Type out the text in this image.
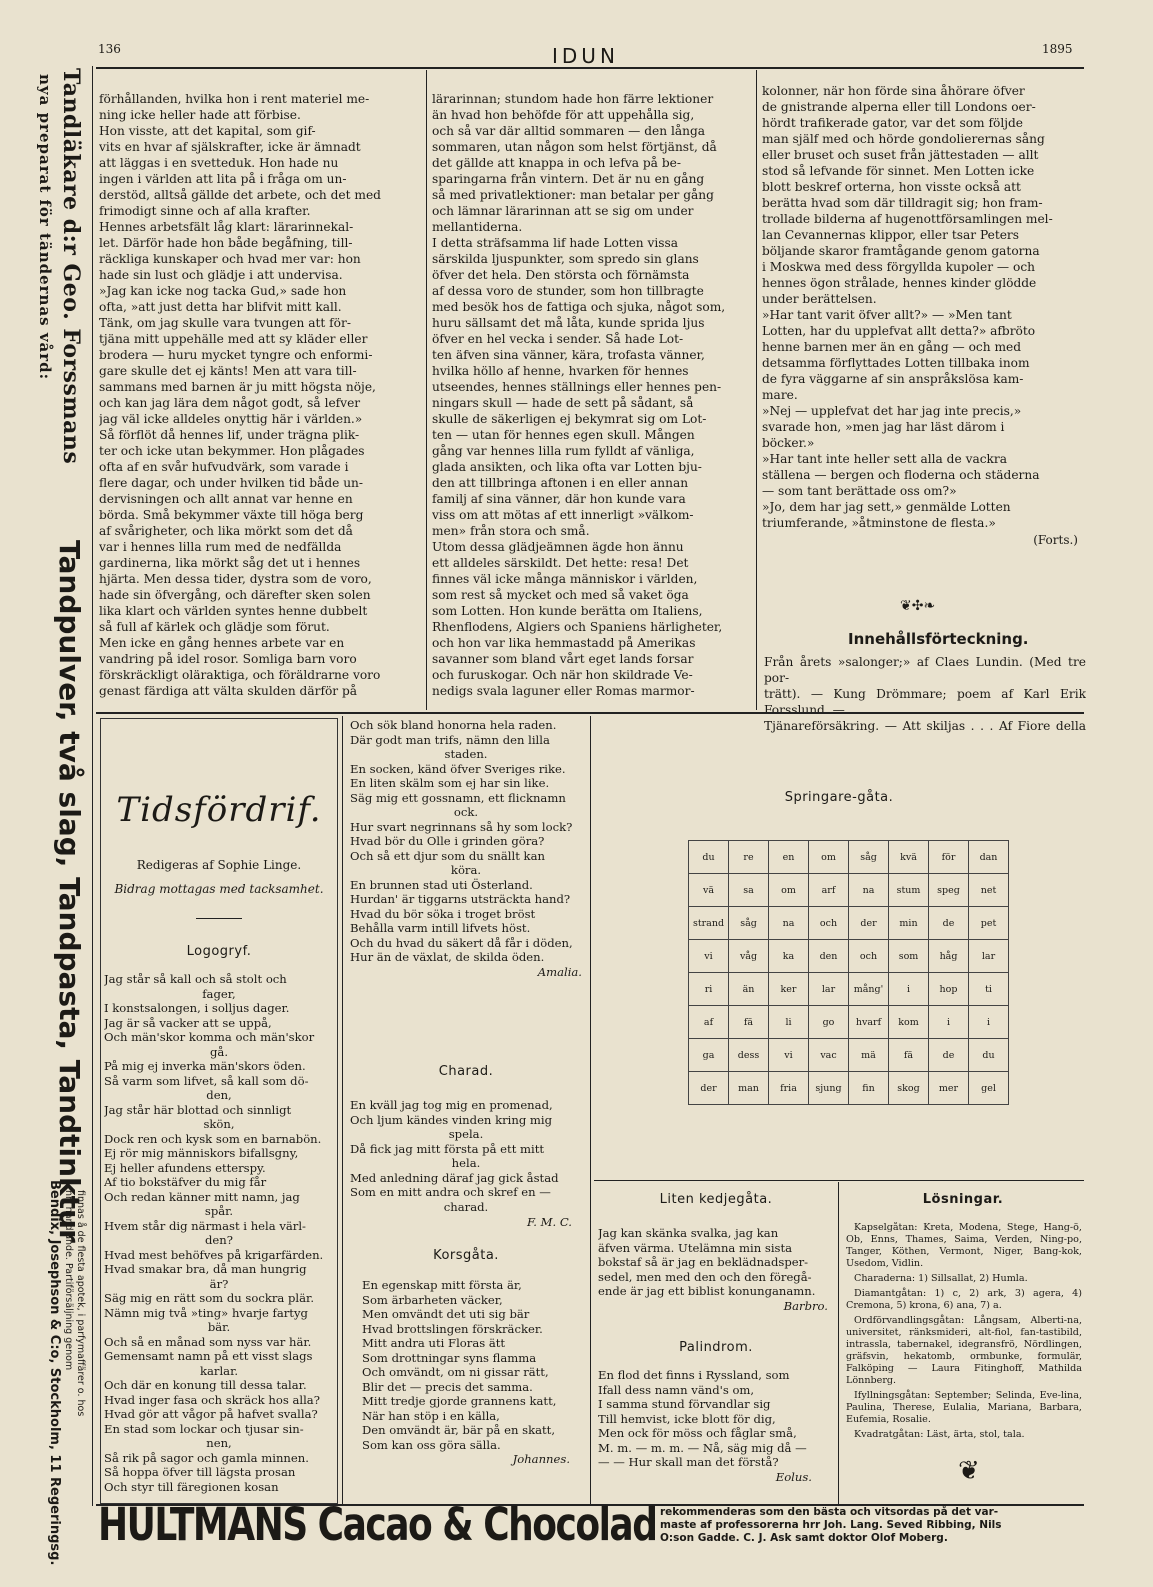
136	IDUN	1895
Tandläkare d:r Geo. Forssmans
nya preparat för tändernas vård:
Tandpulver, två slag, Tandpasta, Tandtinktur
finnas å de flesta apotek, i parfymaffärer o. hos
hrr handlande. Partiförsäljning genom
Bendix, Josephson & C:o, Stockholm, 11 Regeringsg.
förhållanden, hvilka hon i rent materiel me-
ning icke heller hade att förbise.
Hon visste, att det kapital, som gif-
vits en hvar af själskrafter, icke är ämnadt
att läggas i en svetteduk. Hon hade nu
ingen i världen att lita på i fråga om un-
derstöd, alltså gällde det arbete, och det med
frimodigt sinne och af alla krafter.
Hennes arbetsfält låg klart: lärarinnekal-
let. Därför hade hon både begåfning, till-
räckliga kunskaper och hvad mer var: hon
hade sin lust och glädje i att undervisa.
»Jag kan icke nog tacka Gud,» sade hon
ofta, »att just detta har blifvit mitt kall.
Tänk, om jag skulle vara tvungen att för-
tjäna mitt uppehälle med att sy kläder eller
brodera — huru mycket tyngre och enformi-
gare skulle det ej känts! Men att vara till-
sammans med barnen är ju mitt högsta nöje,
och kan jag lära dem något godt, så lefver
jag väl icke alldeles onyttig här i världen.»
Så förflöt då hennes lif, under trägna plik-
ter och icke utan bekymmer. Hon plågades
ofta af en svår hufvudvärk, som varade i
flere dagar, och under hvilken tid både un-
dervisningen och allt annat var henne en
börda. Små bekymmer växte till höga berg
af svårigheter, och lika mörkt som det då
var i hennes lilla rum med de nedfällda
gardinerna, lika mörkt såg det ut i hennes
hjärta. Men dessa tider, dystra som de voro,
hade sin öfvergång, och därefter sken solen
lika klart och världen syntes henne dubbelt
så full af kärlek och glädje som förut.
Men icke en gång hennes arbete var en
vandring på idel rosor. Somliga barn voro
förskräckligt oläraktiga, och föräldrarne voro
genast färdiga att välta skulden därför på
lärarinnan; stundom hade hon färre lektioner
än hvad hon behöfde för att uppehålla sig,
och så var där alltid sommaren — den långa
sommaren, utan någon som helst förtjänst, då
det gällde att knappa in och lefva på be-
sparingarna från vintern. Det är nu en gång
så med privatlektioner: man betalar per gång
och lämnar lärarinnan att se sig om under
mellantiderna.
I detta sträfsamma lif hade Lotten vissa
särskilda ljuspunkter, som spredo sin glans
öfver det hela. Den största och förnämsta
af dessa voro de stunder, som hon tillbragte
med besök hos de fattiga och sjuka, något som,
huru sällsamt det må låta, kunde sprida ljus
öfver en hel vecka i sender. Så hade Lot-
ten äfven sina vänner, kära, trofasta vänner,
hvilka höllo af henne, hvarken för hennes
utseendes, hennes ställnings eller hennes pen-
ningars skull — hade de sett på sådant, så
skulle de säkerligen ej bekymrat sig om Lot-
ten — utan för hennes egen skull. Mången
gång var hennes lilla rum fylldt af vänliga,
glada ansikten, och lika ofta var Lotten bju-
den att tillbringa aftonen i en eller annan
familj af sina vänner, där hon kunde vara
viss om att mötas af ett innerligt »välkom-
men» från stora och små.
Utom dessa glädjeämnen ägde hon ännu
ett alldeles särskildt. Det hette: resa! Det
finnes väl icke många människor i världen,
som rest så mycket och med så vaket öga
som Lotten. Hon kunde berätta om Italiens,
Rhenflodens, Algiers och Spaniens härligheter,
och hon var lika hemmastadd på Amerikas
savanner som bland vårt eget lands forsar
och furuskogar. Och när hon skildrade Ve-
nedigs svala laguner eller Romas marmor-
kolonner, när hon förde sina åhörare öfver
de gnistrande alperna eller till Londons oer-
hördt trafikerade gator, var det som följde
man själf med och hörde gondolierernas sång
eller bruset och suset från jättestaden — allt
stod så lefvande för sinnet. Men Lotten icke
blott beskref orterna, hon visste också att
berätta hvad som där tilldragit sig; hon fram-
trollade bilderna af hugenottförsamlingen mel-
lan Cevannernas klippor, eller tsar Peters
böljande skaror framtågande genom gatorna
i Moskwa med dess förgyllda kupoler — och
hennes ögon strålade, hennes kinder glödde
under berättelsen.
»Har tant varit öfver allt?» — »Men tant
Lotten, har du upplefvat allt detta?» afbröto
henne barnen mer än en gång — och med
detsamma förflyttades Lotten tillbaka inom
de fyra väggarne af sin anspråkslösa kam-
mare.
»Nej — upplefvat det har jag inte precis,»
svarade hon, »men jag har läst därom i
böcker.»
»Har tant inte heller sett alla de vackra
ställena — bergen och floderna och städerna
— som tant berättade oss om?»
»Jo, dem har jag sett,» genmälde Lotten
triumferande, »åtminstone de flesta.»
(Forts.)
❦✣❧
Innehållsförteckning.
Från årets »salonger;» af Claes Lundin. (Med tre por-
trätt). — Kung Drömmare; poem af Karl Erik Forsslund. —
Tjänareförsäkring. — Att skiljas . . . Af Fiore della
Tidsfördrif.
Redigeras af Sophie Linge.
Bidrag mottagas med tacksamhet.
Logogryf.
Jag står så kall och så stolt och
fager,
I konstsalongen, i solljus dager.
Jag är så vacker att se uppå,
Och män'skor komma och män'skor
gå.
På mig ej inverka män'skors öden.
Så varm som lifvet, så kall som dö-
den,
Jag står här blottad och sinnligt
skön,
Dock ren och kysk som en barnabön.
Ej rör mig människors bifallsgny,
Ej heller afundens etterspy.
Af tio bokstäfver du mig får
Och redan känner mitt namn, jag
spår.
Hvem står dig närmast i hela värl-
den?
Hvad mest behöfves på krigarfärden.
Hvad smakar bra, då man hungrig
är?
Säg mig en rätt som du sockra plär.
Nämn mig två »ting» hvarje fartyg
bär.
Och så en månad som nyss var här.
Gemensamt namn på ett visst slags
karlar.
Och där en konung till dessa talar.
Hvad inger fasa och skräck hos alla?
Hvad gör att vågor på hafvet svalla?
En stad som lockar och tjusar sin-
nen,
Så rik på sagor och gamla minnen.
Så hoppa öfver till lägsta prosan
Och styr till färegionen kosan
Och sök bland honorna hela raden.
Där godt man trifs, nämn den lilla
staden.
En socken, känd öfver Sveriges rike.
En liten skälm som ej har sin like.
Säg mig ett gossnamn, ett flicknamn
ock.
Hur svart negrinnans så hy som lock?
Hvad bör du Olle i grinden göra?
Och så ett djur som du snällt kan
köra.
En brunnen stad uti Österland.
Hurdan' är tiggarns utsträckta hand?
Hvad du bör söka i troget bröst
Behålla varm intill lifvets höst.
Och du hvad du säkert då får i döden,
Hur än de växlat, de skilda öden.
Amalia.
Charad.
En kväll jag tog mig en promenad,
Och ljum kändes vinden kring mig
spela.
Då fick jag mitt första på ett mitt
hela.
Med anledning däraf jag gick åstad
Som en mitt andra och skref en —
charad.
F. M. C.
Korsgåta.
En egenskap mitt första är,
Som ärbarheten väcker,
Men omvändt det uti sig bär
Hvad brottslingen förskräcker.
Mitt andra uti Floras ätt
Som drottningar syns flamma
Och omvändt, om ni gissar rätt,
Blir det — precis det samma.
Mitt tredje gjorde grannens katt,
När han stöp i en källa,
Den omvändt är, bär på en skatt,
Som kan oss göra sälla.
Johannes.
Springare-gåta.
du	re	en	om	såg	kvä	för	dan
vä	sa	om	arf	na	stum	speg	net
strand	såg	na	och	der	min	de	pet
vi	våg	ka	den	och	som	håg	lar
ri	än	ker	lar	mång'	i	hop	ti
af	fä	li	go	hvarf	kom	i	i
ga	dess	vi	vac	mä	fä	de	du
der	man	fria	sjung	fin	skog	mer	gel
Liten kedjegåta.
Jag kan skänka svalka, jag kan
äfven värma. Utelämna min sista
bokstaf så är jag en beklädnadsper-
sedel, men med den och den föregå-
ende är jag ett biblist konunganamn.
Barbro.
Palindrom.
En flod det finns i Ryssland, som
Ifall dess namn vänd's om,
I samma stund förvandlar sig
Till hemvist, icke blott för dig,
Men ock för möss och fåglar små,
M. m. — m. m. — Nå, säg mig då —
— — Hur skall man det förstå?
Eolus.
Lösningar.
Kapselgåtan: Kreta, Modena, Stege, Hang-ö, Ob, Enns, Thames, Saima, Verden, Ning-po, Tanger, Köthen, Vermont, Niger, Bang-kok, Usedom, Vidlin.
Charaderna: 1) Sillsallat, 2) Humla.
Diamantgåtan: 1) c, 2) ark, 3) agera, 4) Cremona, 5) krona, 6) ana, 7) a.
Ordförvandlingsgåtan: Långsam, Alberti-na, universitet, ränksmideri, alt-fiol, fan-tastibild, intrassla, tabernakel, idegransfrö, Nördlingen, gräfsvin, hekatomb, ormbunke, formulär, Falköping — Laura Fitinghoff, Mathilda Lönnberg.
Ifyllningsgåtan: September; Selinda, Eve-lina, Paulina, Therese, Eulalia, Mariana, Barbara, Eufemia, Rosalie.
Kvadratgåtan: Läst, ärta, stol, tala.
❦
HULTMANS Cacao & Chocolad rekommenderas som den bästa och vitsordas på det var-
maste af professorerna hrr Joh. Lang. Seved Ribbing, Nils
O:son Gadde. C. J. Ask samt doktor Olof Moberg.
